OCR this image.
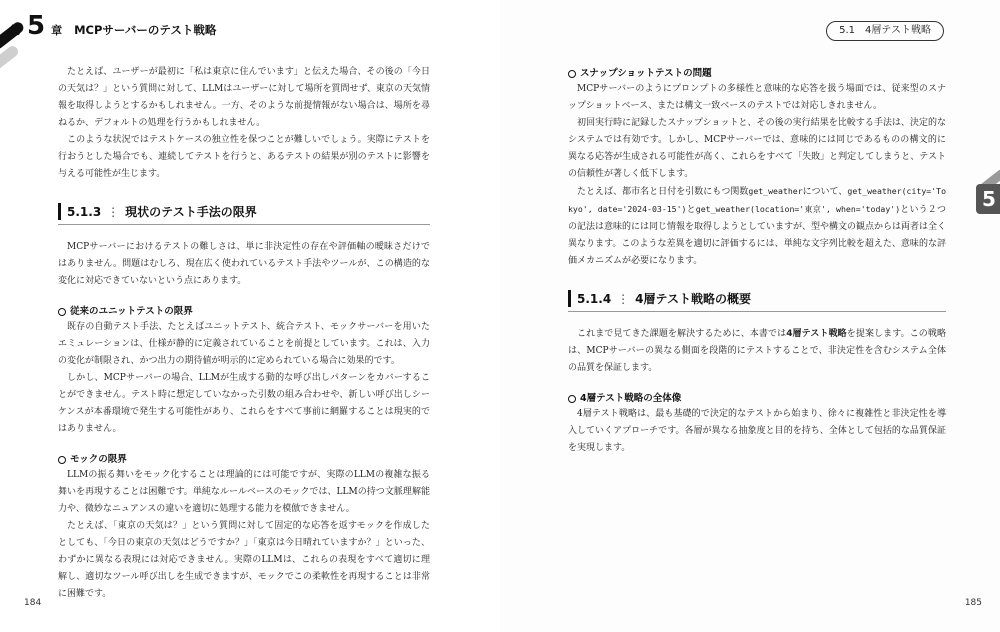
第 5 章 MCPサーバーのテスト戦略

たとえば、ユーザーが最初に「私は東京に住んでいます」と伝えた場合、その後の「今日の天気は？」という質問に対して、LLMはユーザーに対して場所を質問せず、東京の天気情報を取得しようとするかもしれません。一方、そのような前提情報がない場合は、場所を尋ねるか、デフォルトの処理を行うかもしれません。

このような状況ではテストケースの独立性を保つことが難しいでしょう。実際にテストを行おうとした場合でも、連続してテストを行うと、あるテストの結果が別のテストに影響を与える可能性が生じます。

5.1.3 ⋮ 現状のテスト手法の限界

MCPサーバーにおけるテストの難しさは、単に非決定性の存在や評価軸の曖昧さだけではありません。問題はむしろ、現在広く使われているテスト手法やツールが、この構造的な変化に対応できていないという点にあります。

従来のユニットテストの限界

既存の自動テスト手法、たとえばユニットテスト、統合テスト、モックサーバーを用いたエミュレーションは、仕様が静的に定義されていることを前提としています。これは、入力の変化が制限され、かつ出力の期待値が明示的に定められている場合に効果的です。

しかし、MCPサーバーの場合、LLMが生成する動的な呼び出しパターンをカバーすることができません。テスト時に想定していなかった引数の組み合わせや、新しい呼び出しシーケンスが本番環境で発生する可能性があり、これらをすべて事前に網羅することは現実的ではありません。

モックの限界

LLMの振る舞いをモック化することは理論的には可能ですが、実際のLLMの複雑な振る舞いを再現することは困難です。単純なルールベースのモックでは、LLMの持つ文脈理解能力や、微妙なニュアンスの違いを適切に処理する能力を模倣できません。

たとえば、「東京の天気は？」という質問に対して固定的な応答を返すモックを作成したとしても、「今日の東京の天気はどうですか？」「東京は今日晴れていますか？」といった、わずかに異なる表現には対応できません。実際のLLMは、これらの表現をすべて適切に理解し、適切なツール呼び出しを生成できますが、モックでこの柔軟性を再現することは非常に困難です。

184
5.1　4層テスト戦略
5
スナップショットテストの問題

MCPサーバーのようにプロンプトの多様性と意味的な応答を扱う場面では、従来型のスナップショットベース、または構文一致ベースのテストでは対応しきれません。

初回実行時に記録したスナップショットと、その後の実行結果を比較する手法は、決定的なシステムでは有効です。しかし、MCPサーバーでは、意味的には同じであるものの構文的に異なる応答が生成される可能性が高く、これらをすべて「失敗」と判定してしまうと、テストの信頼性が著しく低下します。

たとえば、都市名と日付を引数にもつ関数get_weatherについて、get_weather(city='Tokyo', date='2024-03-15')とget_weather(location='東京', when='today')という２つの記法は意味的には同じ情報を取得しようとしていますが、型や構文の観点からは両者は全く異なります。このような差異を適切に評価するには、単純な文字列比較を超えた、意味的な評価メカニズムが必要になります。

5.1.4 ⋮ 4層テスト戦略の概要

これまで見てきた課題を解決するために、本書では4層テスト戦略を提案します。この戦略は、MCPサーバーの異なる側面を段階的にテストすることで、非決定性を含むシステム全体の品質を保証します。

4層テスト戦略の全体像

4層テスト戦略は、最も基礎的で決定的なテストから始まり、徐々に複雑性と非決定性を導入していくアプローチです。各層が異なる抽象度と目的を持ち、全体として包括的な品質保証を実現します。

185
